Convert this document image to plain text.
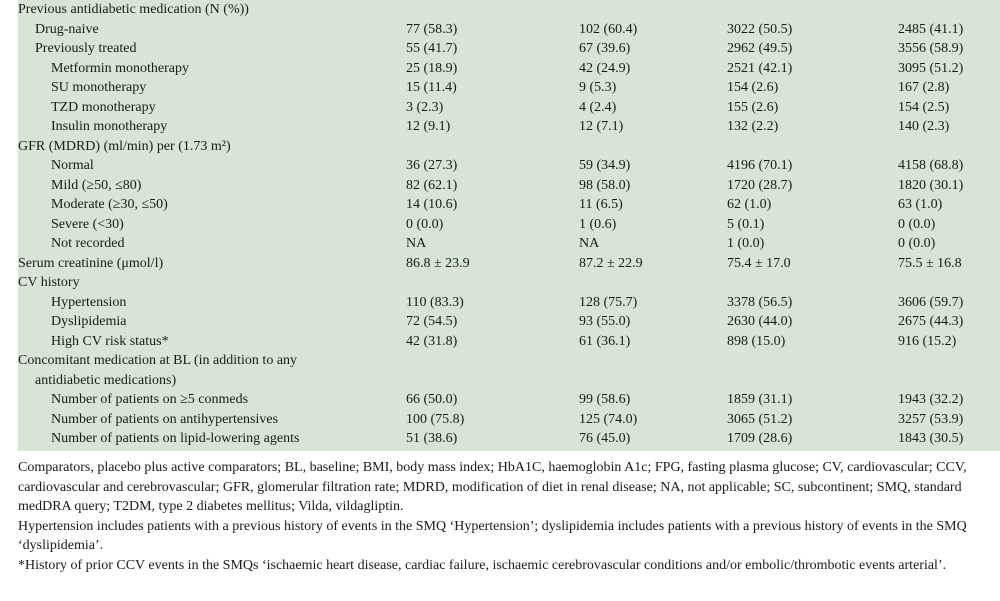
Previous antidiabetic medication (N (%))
Drug-naive	77 (58.3)	102 (60.4)	3022 (50.5)	2485 (41.1)
Previously treated	55 (41.7)	67 (39.6)	2962 (49.5)	3556 (58.9)
Metformin monotherapy	25 (18.9)	42 (24.9)	2521 (42.1)	3095 (51.2)
SU monotherapy	15 (11.4)	9 (5.3)	154 (2.6)	167 (2.8)
TZD monotherapy	3 (2.3)	4 (2.4)	155 (2.6)	154 (2.5)
Insulin monotherapy	12 (9.1)	12 (7.1)	132 (2.2)	140 (2.3)
GFR (MDRD) (ml/min) per (1.73 m²)
Normal	36 (27.3)	59 (34.9)	4196 (70.1)	4158 (68.8)
Mild (≥50, ≤80)	82 (62.1)	98 (58.0)	1720 (28.7)	1820 (30.1)
Moderate (≥30, ≤50)	14 (10.6)	11 (6.5)	62 (1.0)	63 (1.0)
Severe (<30)	0 (0.0)	1 (0.6)	5 (0.1)	0 (0.0)
Not recorded	NA	NA	1 (0.0)	0 (0.0)
Serum creatinine (μmol/l)	86.8 ± 23.9	87.2 ± 22.9	75.4 ± 17.0	75.5 ± 16.8
CV history
Hypertension	110 (83.3)	128 (75.7)	3378 (56.5)	3606 (59.7)
Dyslipidemia	72 (54.5)	93 (55.0)	2630 (44.0)	2675 (44.3)
High CV risk status*	42 (31.8)	61 (36.1)	898 (15.0)	916 (15.2)
Concomitant medication at BL (in addition to any
antidiabetic medications)
Number of patients on ≥5 conmeds	66 (50.0)	99 (58.6)	1859 (31.1)	1943 (32.2)
Number of patients on antihypertensives	100 (75.8)	125 (74.0)	3065 (51.2)	3257 (53.9)
Number of patients on lipid-lowering agents	51 (38.6)	76 (45.0)	1709 (28.6)	1843 (30.5)

Comparators, placebo plus active comparators; BL, baseline; BMI, body mass index; HbA1C, haemoglobin A1c; FPG, fasting plasma glucose; CV, cardiovascular; CCV, cardiovascular and cerebrovascular; GFR, glomerular filtration rate; MDRD, modification of diet in renal disease; NA, not applicable; SC, subcontinent; SMQ, standard medDRA query; T2DM, type 2 diabetes mellitus; Vilda, vildagliptin.

Hypertension includes patients with a previous history of events in the SMQ ‘Hypertension’; dyslipidemia includes patients with a previous history of events in the SMQ ‘dyslipidemia’.

*History of prior CCV events in the SMQs ‘ischaemic heart disease, cardiac failure, ischaemic cerebrovascular conditions and/or embolic/thrombotic events arterial’.
